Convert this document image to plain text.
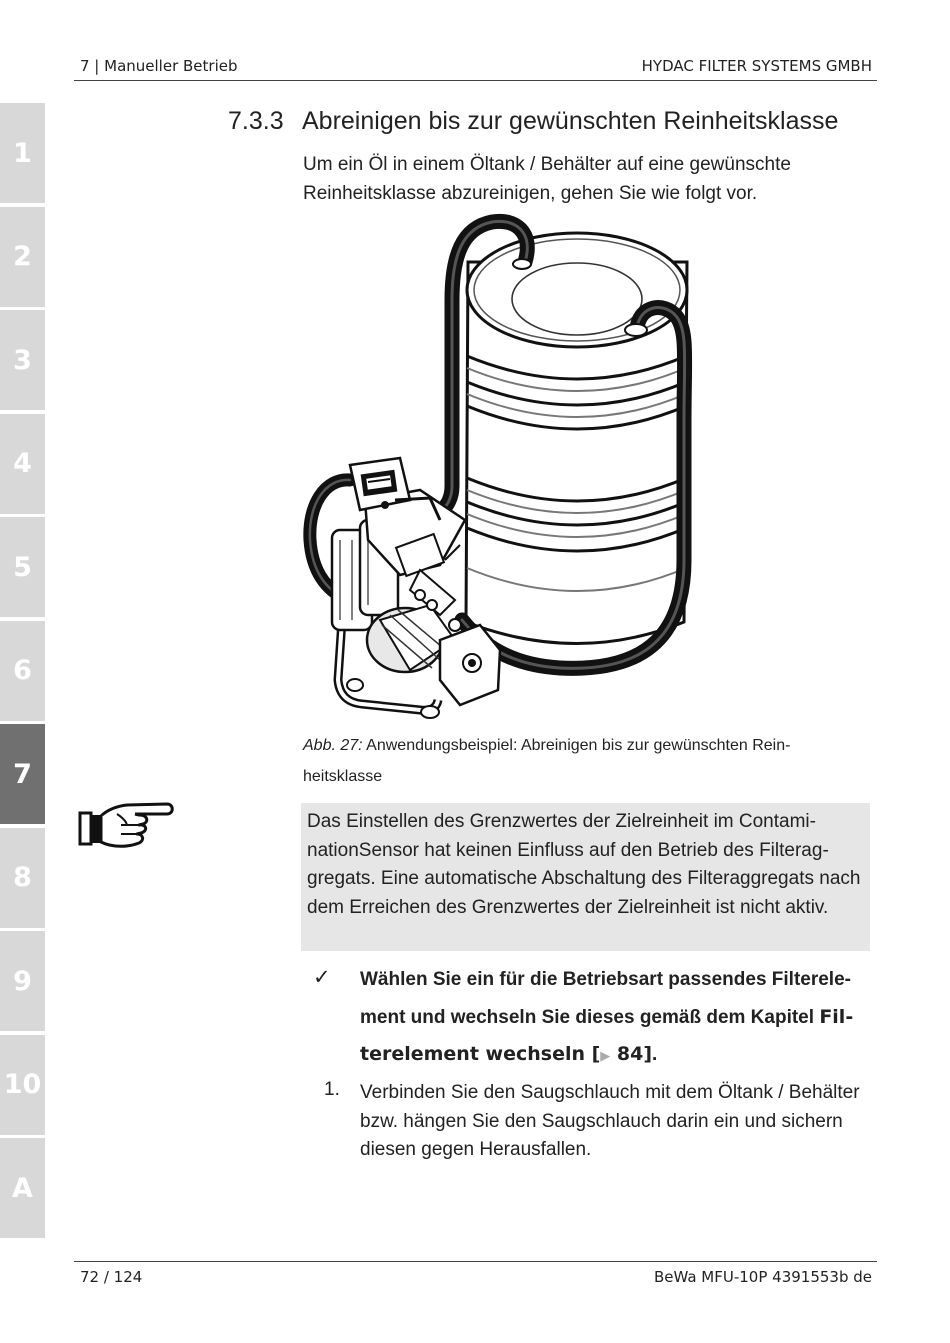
7 | Manueller Betrieb	HYDAC FILTER SYSTEMS GMBH
1
2
3
4
5
6
7
8
9
10
A
7.3.3 Abreinigen bis zur gewünschten Reinheitsklasse
Um ein Öl in einem Öltank / Behälter auf eine gewünschte Reinheitsklasse abzureinigen, gehen Sie wie folgt vor.
Abb. 27: Anwendungsbeispiel: Abreinigen bis zur gewünschten Reinheitsklasse
Das Einstellen des Grenzwertes der Zielreinheit im ContaminationSensor hat keinen Einfluss auf den Betrieb des Filteraggregats. Eine automatische Abschaltung des Filteraggregats nach dem Erreichen des Grenzwertes der Zielreinheit ist nicht aktiv.
✓ Wählen Sie ein für die Betriebsart passendes Filterelement und wechseln Sie dieses gemäß dem Kapitel Filterelement wechseln [▶ 84].
1. Verbinden Sie den Saugschlauch mit dem Öltank / Behälter bzw. hängen Sie den Saugschlauch darin ein und sichern diesen gegen Herausfallen.
72 / 124	BeWa MFU-10P 4391553b de
